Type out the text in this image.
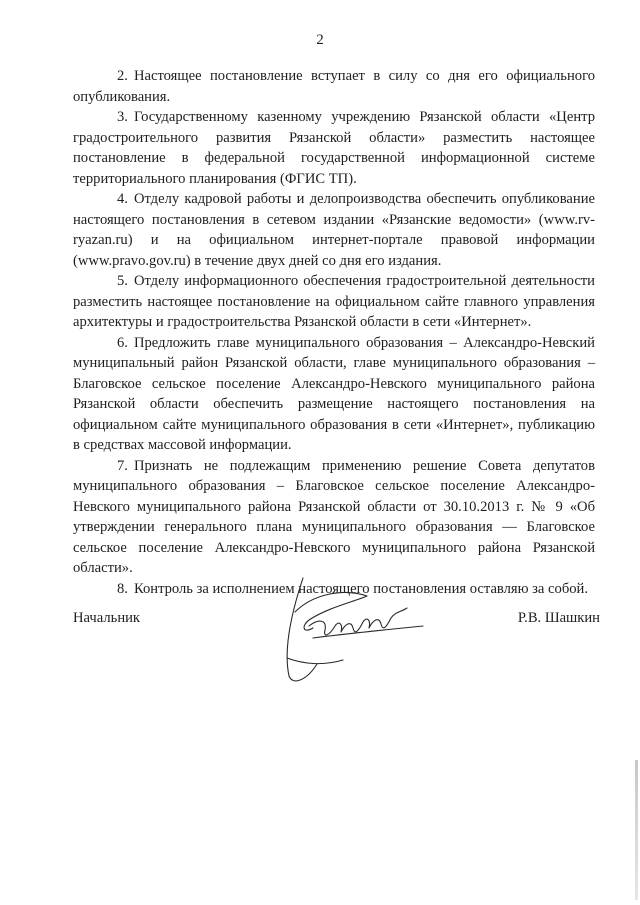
2

2. Настоящее постановление вступает в силу со дня его официального опубликования.

3. Государственному казенному учреждению Рязанской области «Центр градостроительного развития Рязанской области» разместить настоящее постановление в федеральной государственной информационной системе территориального планирования (ФГИС ТП).

4. Отделу кадровой работы и делопроизводства обеспечить опубликование настоящего постановления в сетевом издании «Рязанские ведомости» (www.rv-ryazan.ru) и на официальном интернет-портале правовой информации (www.pravo.gov.ru) в течение двух дней со дня его издания.

5. Отделу информационного обеспечения градостроительной деятельности разместить настоящее постановление на официальном сайте главного управления архитектуры и градостроительства Рязанской области в сети «Интернет».

6. Предложить главе муниципального образования – Александро-Невский муниципальный район Рязанской области, главе муниципального образования – Благовское сельское поселение Александро-Невского муниципального района Рязанской области обеспечить размещение настоящего постановления на официальном сайте муниципального образования в сети «Интернет», публикацию в средствах массовой информации.

7. Признать не подлежащим применению решение Совета депутатов муниципального образования – Благовское сельское поселение Александро-Невского муниципального района Рязанской области от 30.10.2013 г. № 9 «Об утверждении генерального плана муниципального образования — Благовское сельское поселение Александро-Невского муниципального района Рязанской области».

8. Контроль за исполнением настоящего постановления оставляю за собой.

Начальник	Р.В. Шашкин
